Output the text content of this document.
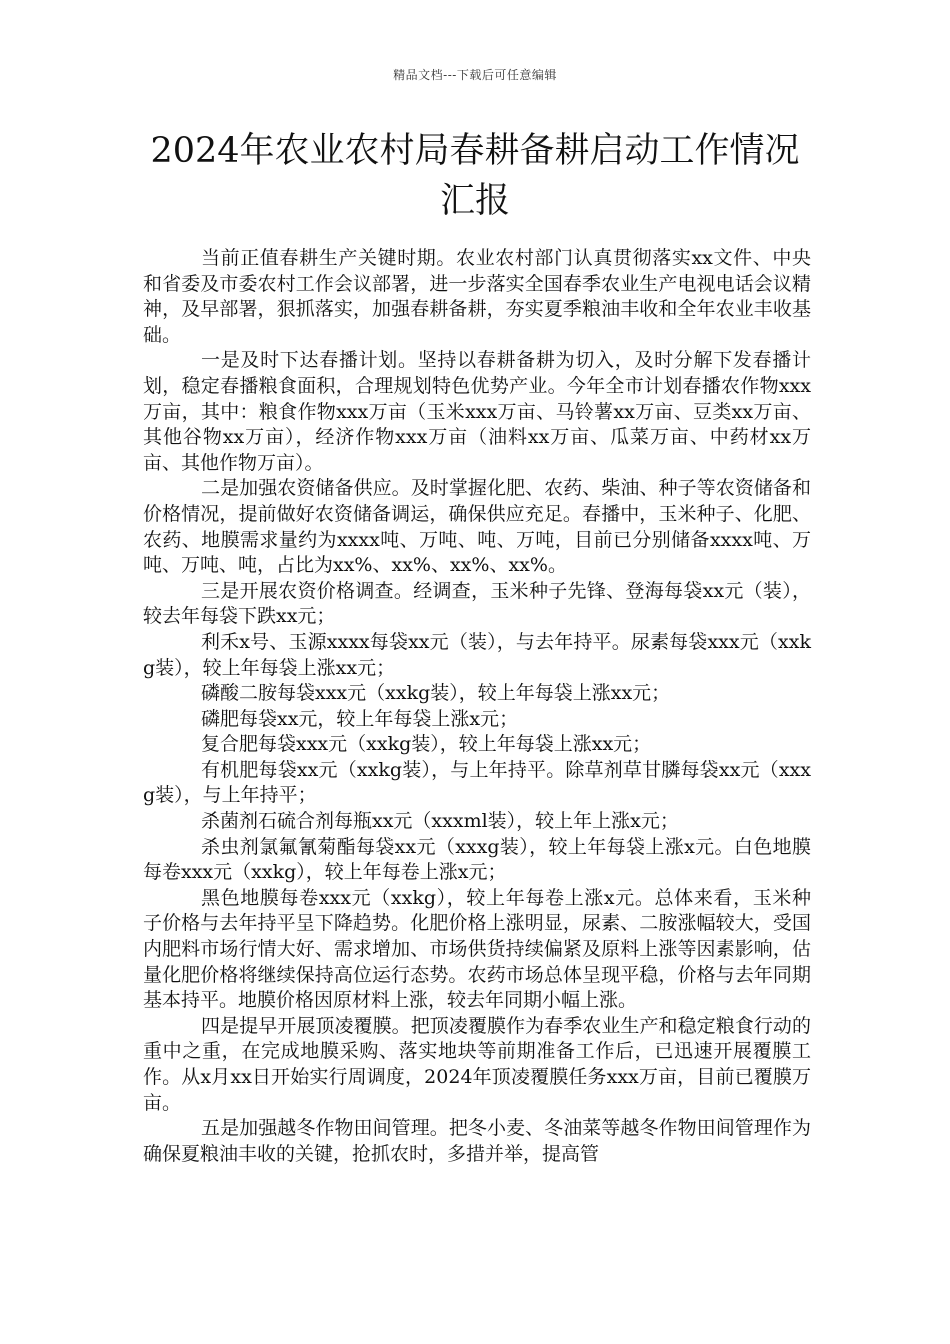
精品文档---下载后可任意编辑
2024年农业农村局春耕备耕启动工作情况
汇报

当前正值春耕生产关键时期。农业农村部门认真贯彻落实xx文件、中央和省委及市委农村工作会议部署，进一步落实全国春季农业生产电视电话会议精神，及早部署，狠抓落实，加强春耕备耕，夯实夏季粮油丰收和全年农业丰收基础。

一是及时下达春播计划。坚持以春耕备耕为切入，及时分解下发春播计划，稳定春播粮食面积，合理规划特色优势产业。今年全市计划春播农作物xxx万亩，其中：粮食作物xxx万亩（玉米xxx万亩、马铃薯xx万亩、豆类xx万亩、其他谷物xx万亩），经济作物xxx万亩（油料xx万亩、瓜菜万亩、中药材xx万亩、其他作物万亩）。

二是加强农资储备供应。及时掌握化肥、农药、柴油、种子等农资储备和价格情况，提前做好农资储备调运，确保供应充足。春播中，玉米种子、化肥、农药、地膜需求量约为xxxx吨、万吨、吨、万吨，目前已分别储备xxxx吨、万吨、万吨、吨，占比为xx%、xx%、xx%、xx%。

三是开展农资价格调查。经调查，玉米种子先锋、登海每袋xx元（装），较去年每袋下跌xx元；

利禾x号、玉源xxxx每袋xx元（装），与去年持平。尿素每袋xxx元（xxkg装），较上年每袋上涨xx元；

磷酸二胺每袋xxx元（xxkg装），较上年每袋上涨xx元；

磷肥每袋xx元，较上年每袋上涨x元；

复合肥每袋xxx元（xxkg装），较上年每袋上涨xx元；

有机肥每袋xx元（xxkg装），与上年持平。除草剂草甘膦每袋xx元（xxxg装），与上年持平；

杀菌剂石硫合剂每瓶xx元（xxxml装），较上年上涨x元；

杀虫剂氯氟氰菊酯每袋xx元（xxxg装），较上年每袋上涨x元。白色地膜每卷xxx元（xxkg），较上年每卷上涨x元；

黑色地膜每卷xxx元（xxkg），较上年每卷上涨x元。总体来看，玉米种子价格与去年持平呈下降趋势。化肥价格上涨明显，尿素、二胺涨幅较大，受国内肥料市场行情大好、需求增加、市场供货持续偏紧及原料上涨等因素影响，估量化肥价格将继续保持高位运行态势。农药市场总体呈现平稳，价格与去年同期基本持平。地膜价格因原材料上涨，较去年同期小幅上涨。

四是提早开展顶凌覆膜。把顶凌覆膜作为春季农业生产和稳定粮食行动的重中之重，在完成地膜采购、落实地块等前期准备工作后，已迅速开展覆膜工作。从x月xx日开始实行周调度，2024年顶凌覆膜任务xxx万亩，目前已覆膜万亩。

五是加强越冬作物田间管理。把冬小麦、冬油菜等越冬作物田间管理作为确保夏粮油丰收的关键，抢抓农时，多措并举，提高管
